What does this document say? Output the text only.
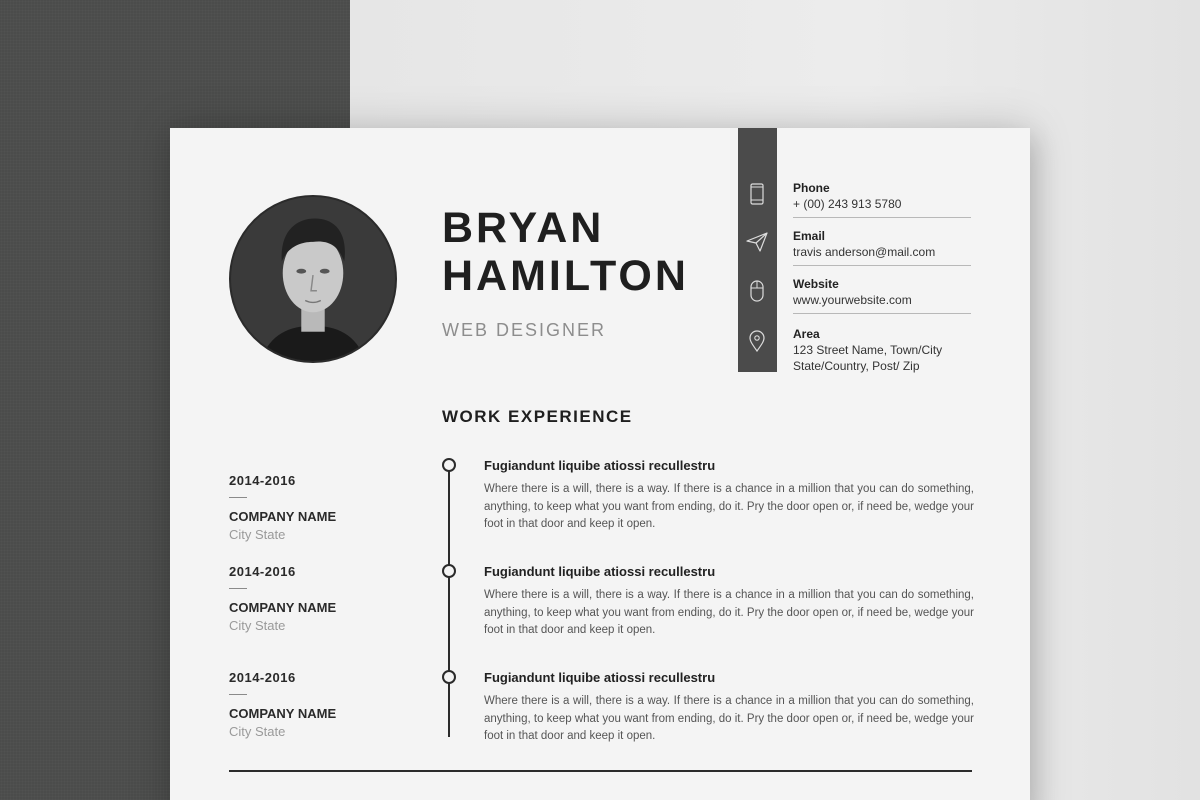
BRYAN
HAMILTON
WEB DESIGNER
Phone
+ (00) 243 913 5780
Email
travis anderson@mail.com
Website
www.yourwebsite.com
Area
123 Street Name, Town/City
State/Country, Post/ Zip
WORK EXPERIENCE
2014-2016
COMPANY NAME
City State
Fugiandunt liquibe atiossi recullestru
Where there is a will, there is a way. If there is a chance in a million that you can do something, anything, to keep what you want from ending, do it. Pry the door open or, if need be, wedge your foot in that door and keep it open.
2014-2016
COMPANY NAME
City State
Fugiandunt liquibe atiossi recullestru
Where there is a will, there is a way. If there is a chance in a million that you can do something, anything, to keep what you want from ending, do it. Pry the door open or, if need be, wedge your foot in that door and keep it open.
2014-2016
COMPANY NAME
City State
Fugiandunt liquibe atiossi recullestru
Where there is a will, there is a way. If there is a chance in a million that you can do something, anything, to keep what you want from ending, do it. Pry the door open or, if need be, wedge your foot in that door and keep it open.
